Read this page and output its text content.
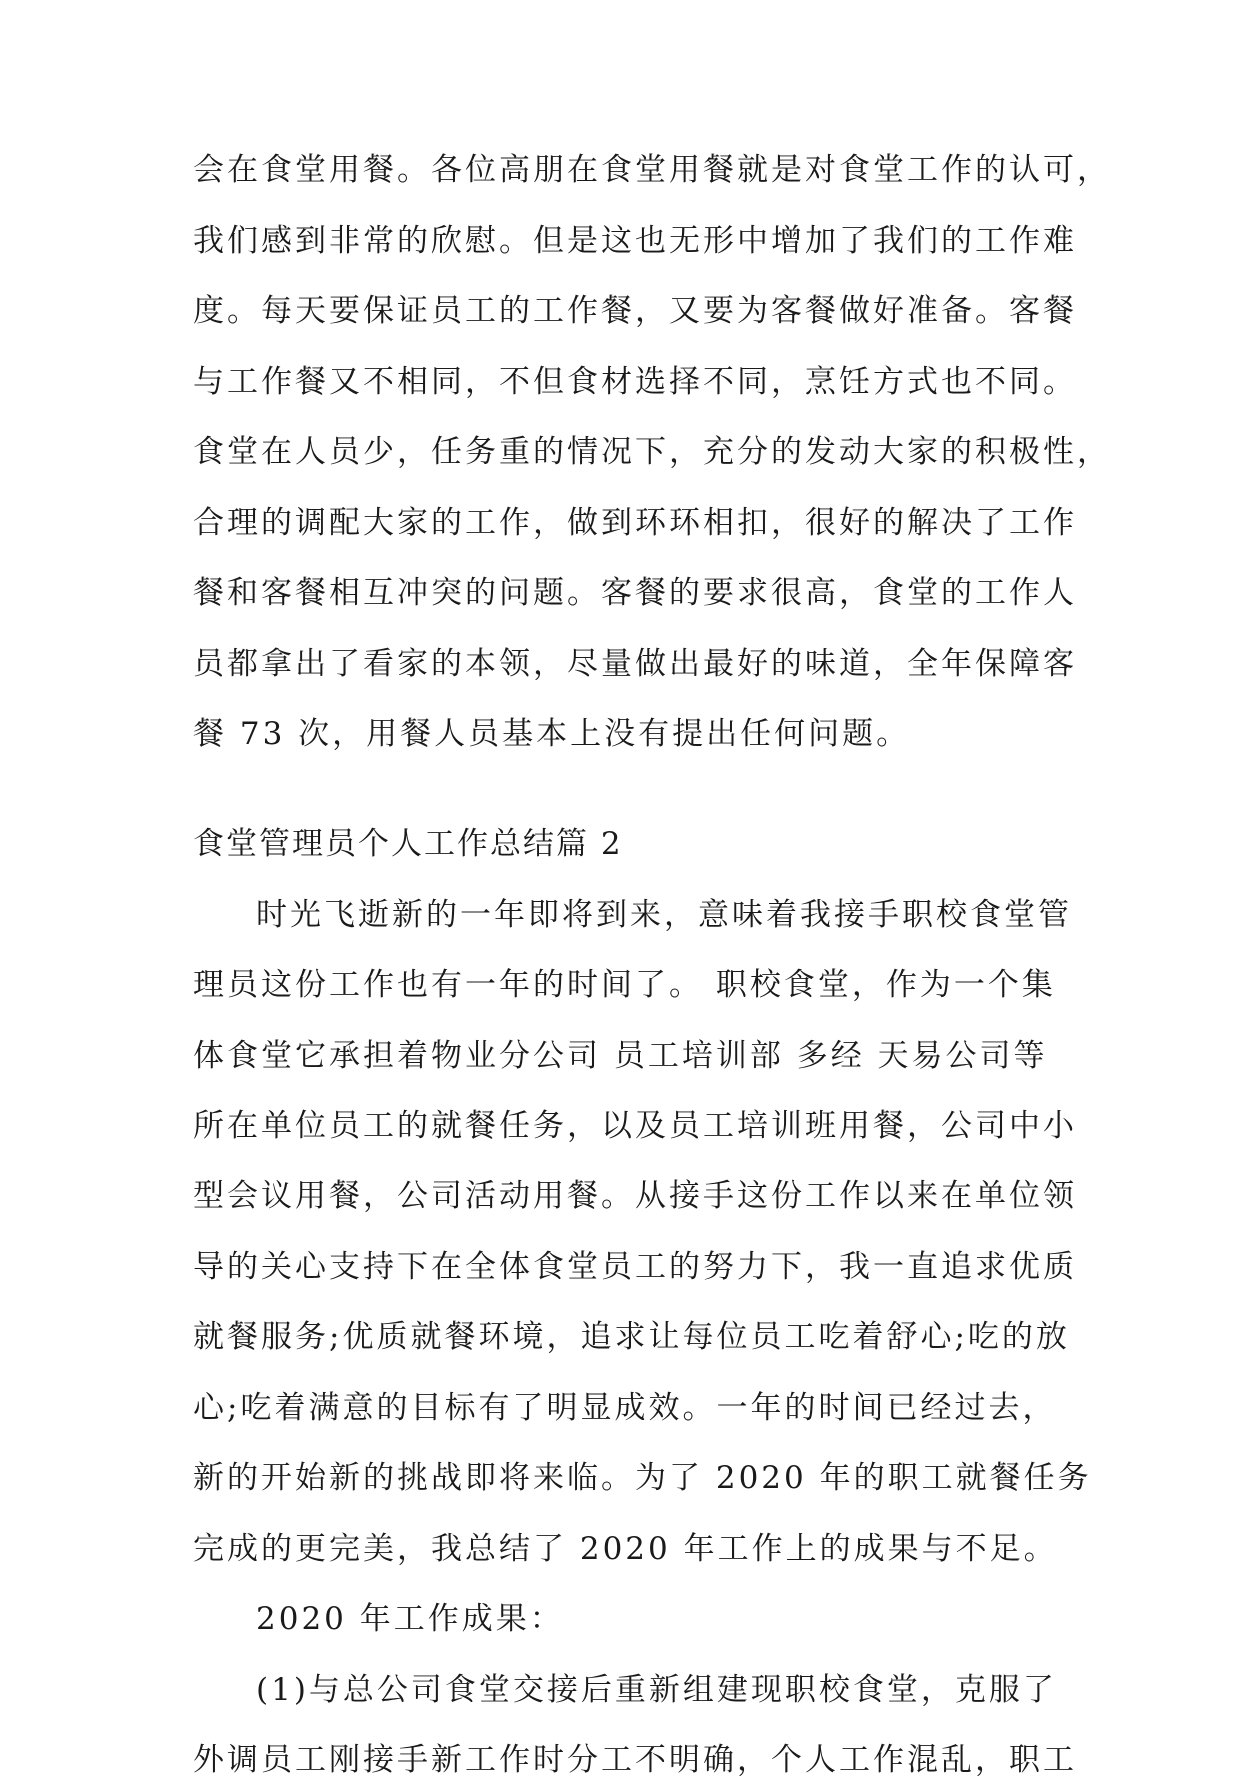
会在食堂用餐。各位高朋在食堂用餐就是对食堂工作的认可，
我们感到非常的欣慰。但是这也无形中增加了我们的工作难
度。每天要保证员工的工作餐，又要为客餐做好准备。客餐
与工作餐又不相同，不但食材选择不同，烹饪方式也不同。
食堂在人员少，任务重的情况下，充分的发动大家的积极性，
合理的调配大家的工作，做到环环相扣，很好的解决了工作
餐和客餐相互冲突的问题。客餐的要求很高，食堂的工作人
员都拿出了看家的本领，尽量做出最好的味道，全年保障客
餐 73 次，用餐人员基本上没有提出任何问题。
食堂管理员个人工作总结篇 2
时光飞逝新的一年即将到来，意味着我接手职校食堂管
理员这份工作也有一年的时间了。 职校食堂，作为一个集
体食堂它承担着物业分公司 员工培训部 多经 天易公司等
所在单位员工的就餐任务，以及员工培训班用餐，公司中小
型会议用餐，公司活动用餐。从接手这份工作以来在单位领
导的关心支持下在全体食堂员工的努力下，我一直追求优质
就餐服务;优质就餐环境，追求让每位员工吃着舒心;吃的放
心;吃着满意的目标有了明显成效。一年的时间已经过去，
新的开始新的挑战即将来临。为了 2020 年的职工就餐任务
完成的更完美，我总结了 2020 年工作上的成果与不足。
2020 年工作成果：
(1)与总公司食堂交接后重新组建现职校食堂，克服了
外调员工刚接手新工作时分工不明确，个人工作混乱，职工
